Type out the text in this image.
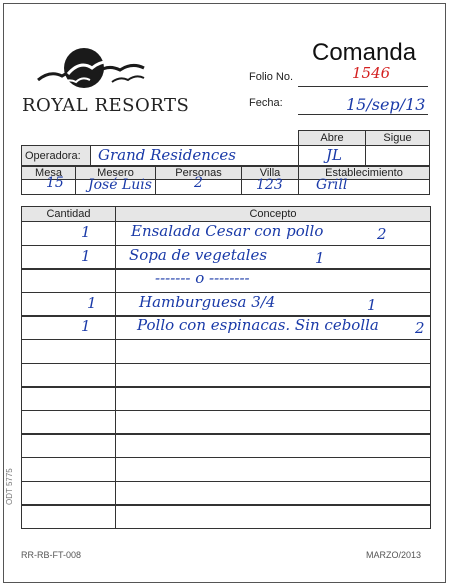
ROYAL RESORTS
Comanda
Folio No.	1546
Fecha:	15/sep/13
Abre	Sigue
Operadora: Grand Residences	JL
Mesa	Mesero	Personas	Villa	Establecimiento
15 José Luis	2	123 Grill
Cantidad	Concepto
1	Ensalada Cesar con pollo	2
1	Sopa de vegetales	1
------- o --------
1	Hamburguesa 3/4	1
1	Pollo con espinacas. Sin cebolla 2
RR-RB-FT-008	MARZO/2013
ODT 5775
